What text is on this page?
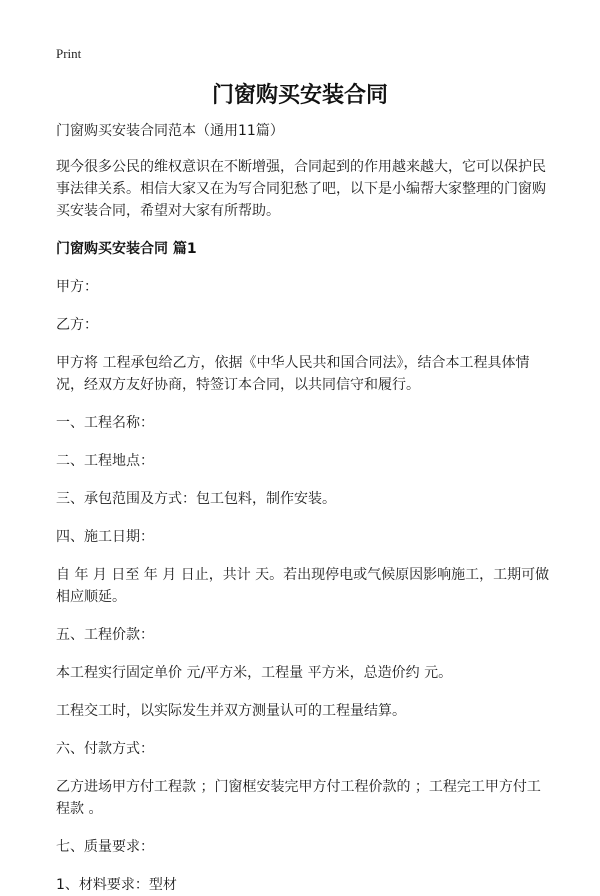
Print
门窗购买安装合同

门窗购买安装合同范本（通用11篇）

现今很多公民的维权意识在不断增强，合同起到的作用越来越大，它可以保护民事法律关系。相信大家又在为写合同犯愁了吧，以下是小编帮大家整理的门窗购买安装合同，希望对大家有所帮助。

门窗购买安装合同 篇1

甲方：

乙方：

甲方将 工程承包给乙方，依据《中华人民共和国合同法》，结合本工程具体情况，经双方友好协商，特签订本合同，以共同信守和履行。

一、工程名称：

二、工程地点：

三、承包范围及方式：包工包料，制作安装。

四、施工日期：

自 年 月 日至 年 月 日止，共计 天。若出现停电或气候原因影响施工，工期可做相应顺延。

五、工程价款：

本工程实行固定单价 元/平方米，工程量 平方米，总造价约 元。

工程交工时，以实际发生并双方测量认可的工程量结算。

六、付款方式：

乙方进场甲方付工程款 ；门窗框安装完甲方付工程价款的 ；工程完工甲方付工程款 。

七、质量要求：

1、材料要求：型材
